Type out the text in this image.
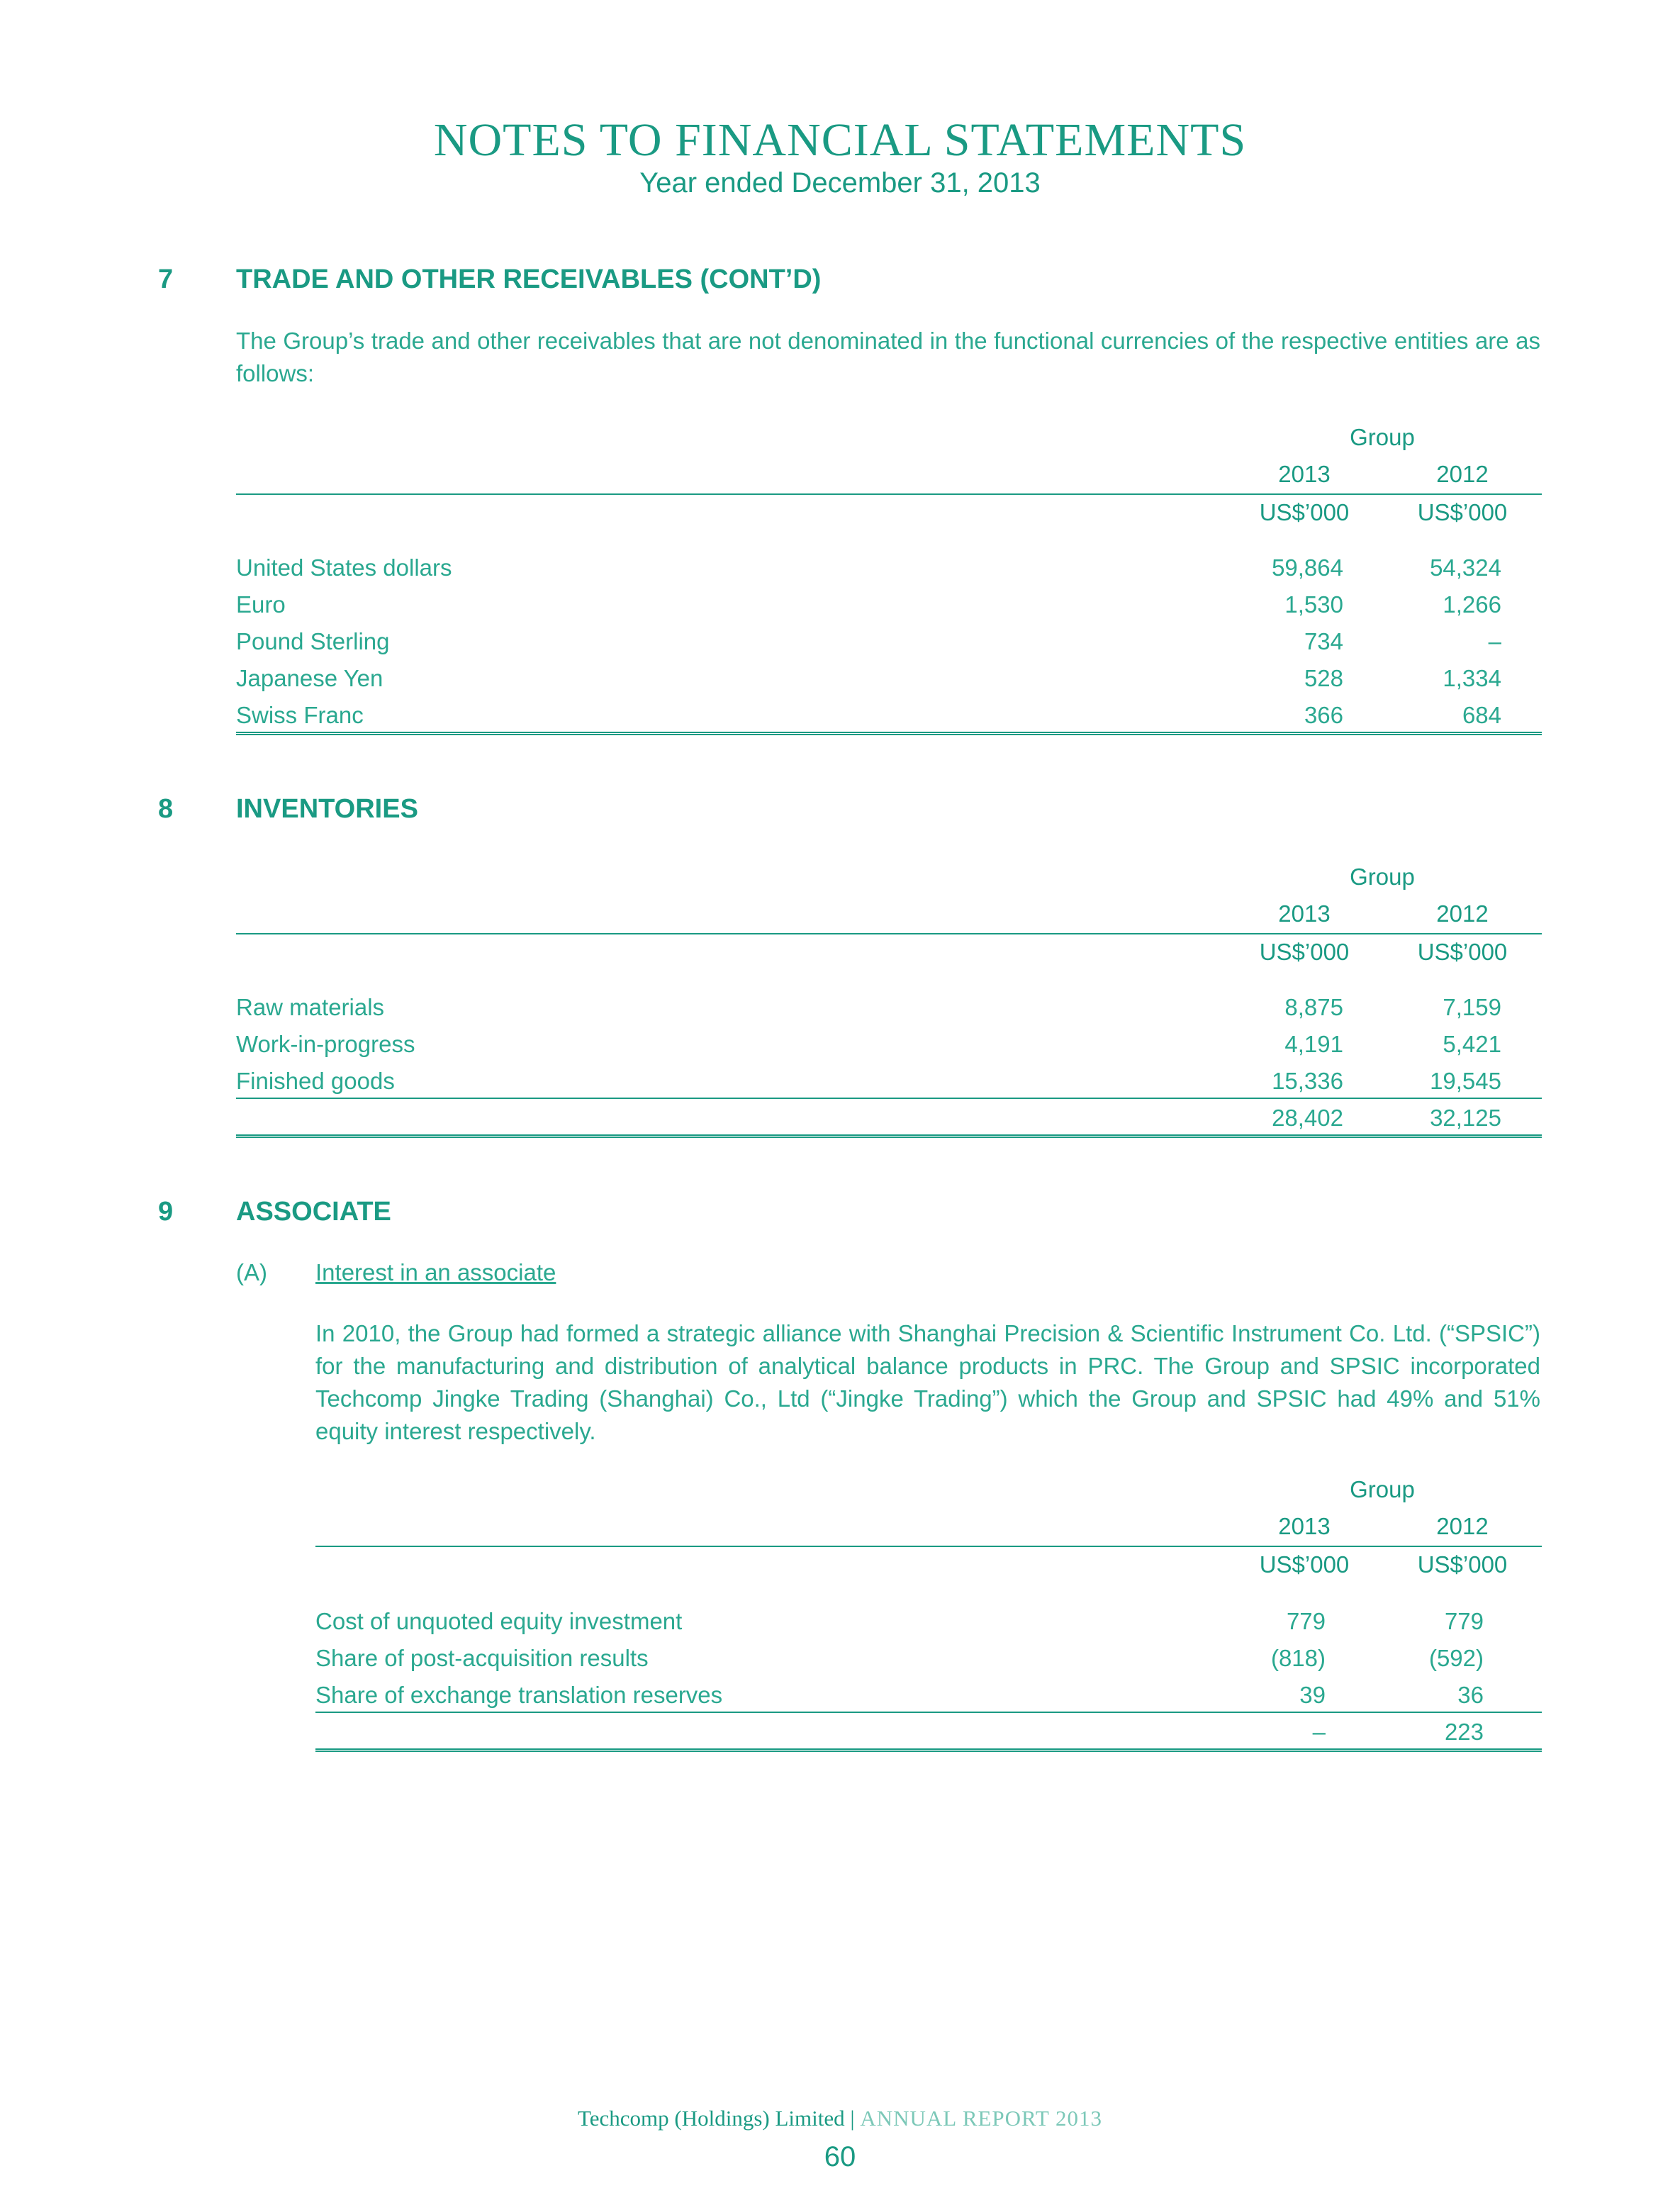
NOTES TO FINANCIAL STATEMENTS
Year ended December 31, 2013
7 TRADE AND OTHER RECEIVABLES (CONT’D)
The Group’s trade and other receivables that are not denominated in the functional currencies of the respective entities are as follows:
Group
2013	2012
US$’000	US$’000
United States dollars	59,864	54,324
Euro	1,530	1,266
Pound Sterling	734	–
Japanese Yen	528	1,334
Swiss Franc	366	684
8 INVENTORIES
Group
2013	2012
US$’000	US$’000
Raw materials	8,875	7,159
Work-in-progress	4,191	5,421
Finished goods	15,336	19,545
28,402	32,125
9 ASSOCIATE
(A) Interest in an associate
In 2010, the Group had formed a strategic alliance with Shanghai Precision & Scientific Instrument Co. Ltd. (“SPSIC”) for the manufacturing and distribution of analytical balance products in PRC. The Group and SPSIC incorporated Techcomp Jingke Trading (Shanghai) Co., Ltd (“Jingke Trading”) which the Group and SPSIC had 49% and 51% equity interest respectively.
Group
2013	2012
US$’000	US$’000
Cost of unquoted equity investment	779	779
Share of post-acquisition results	(818)	(592)
Share of exchange translation reserves	39	36
–	223
Techcomp (Holdings) Limited | ANNUAL REPORT 2013
60
